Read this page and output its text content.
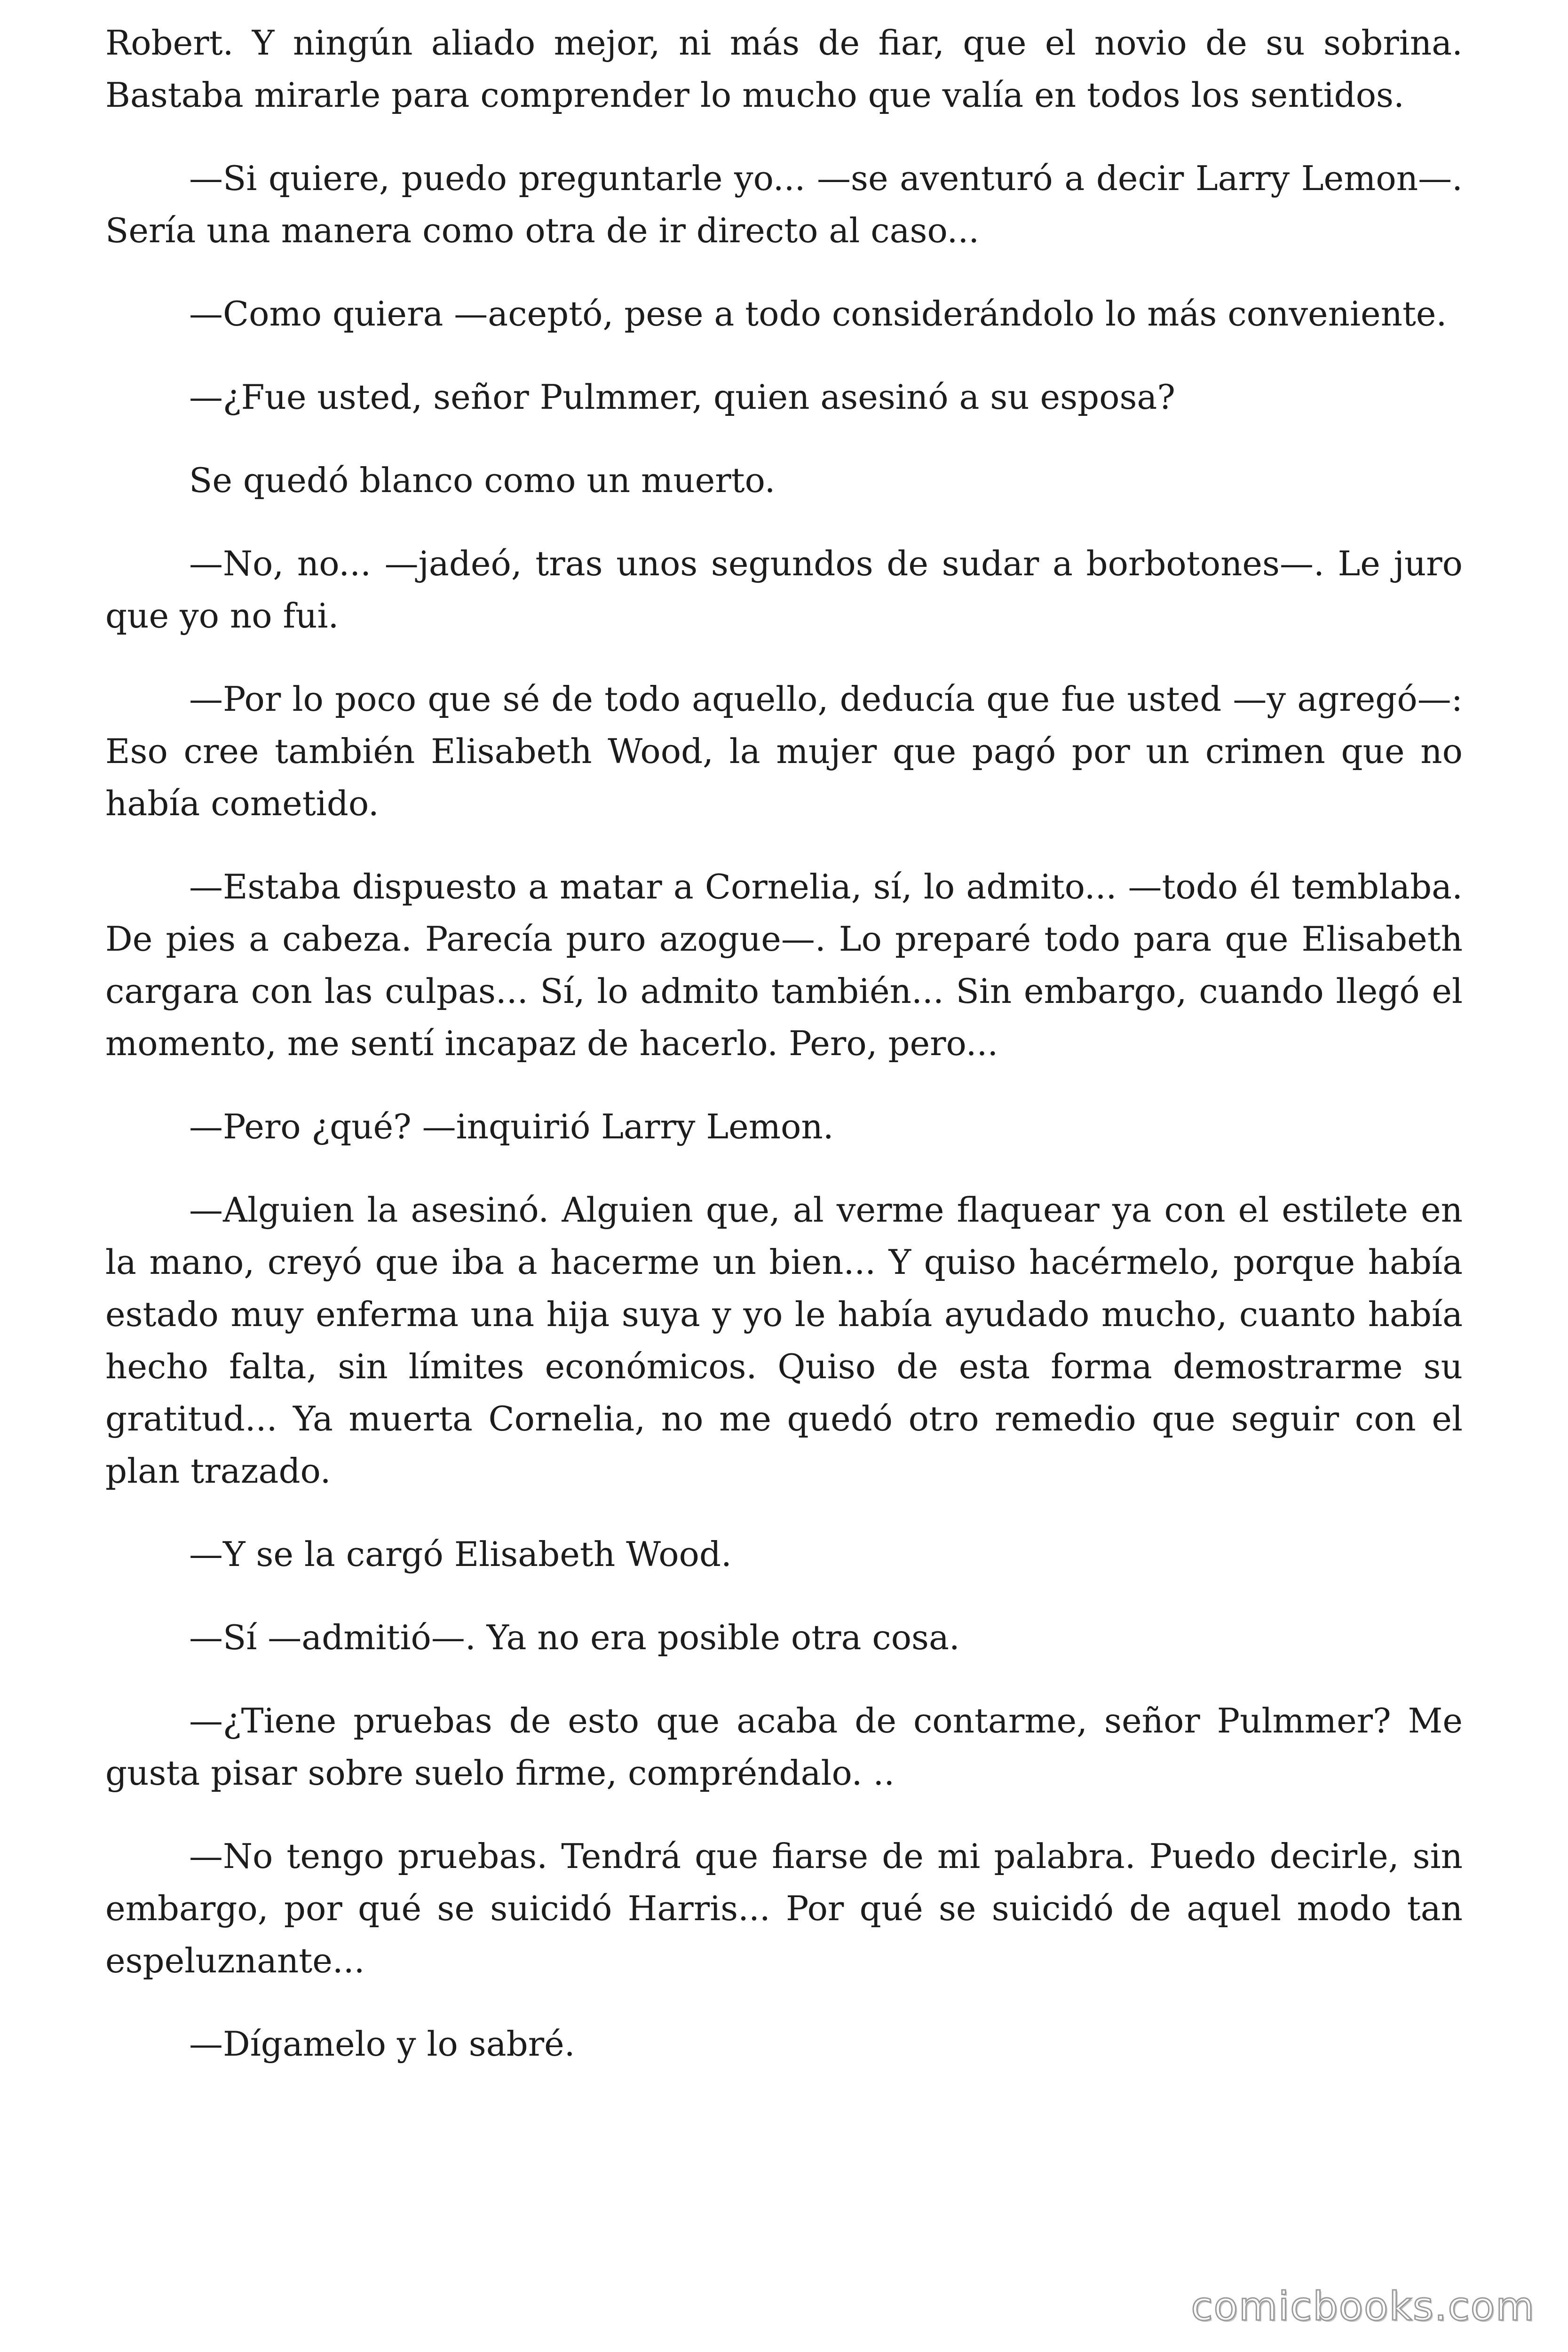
Robert. Y ningún aliado mejor, ni más de fiar, que el novio de su sobrina. Bastaba mirarle para comprender lo mucho que valía en todos los sentidos.

—Si quiere, puedo preguntarle yo... —se aventuró a decir Larry Lemon—. Sería una manera como otra de ir directo al caso...

—Como quiera —aceptó, pese a todo considerándolo lo más conveniente.

—¿Fue usted, señor Pulmmer, quien asesinó a su esposa?

Se quedó blanco como un muerto.

—No, no... —jadeó, tras unos segundos de sudar a borbotones—. Le juro que yo no fui.

—Por lo poco que sé de todo aquello, deducía que fue usted —y agregó—: Eso cree también Elisabeth Wood, la mujer que pagó por un crimen que no había cometido.

—Estaba dispuesto a matar a Cornelia, sí, lo admito... —todo él temblaba. De pies a cabeza. Parecía puro azogue—. Lo preparé todo para que Elisabeth cargara con las culpas... Sí, lo admito también... Sin embargo, cuando llegó el momento, me sentí incapaz de hacerlo. Pero, pero...

—Pero ¿qué? —inquirió Larry Lemon.

—Alguien la asesinó. Alguien que, al verme flaquear ya con el estilete en la mano, creyó que iba a hacerme un bien... Y quiso hacérmelo, porque había estado muy enferma una hija suya y yo le había ayudado mucho, cuanto había hecho falta, sin límites económicos. Quiso de esta forma demostrarme su gratitud... Ya muerta Cornelia, no me quedó otro remedio que seguir con el plan trazado.

—Y se la cargó Elisabeth Wood.

—Sí —admitió—. Ya no era posible otra cosa.

—¿Tiene pruebas de esto que acaba de contarme, señor Pulmmer? Me gusta pisar sobre suelo firme, compréndalo. ..

—No tengo pruebas. Tendrá que fiarse de mi palabra. Puedo decirle, sin embargo, por qué se suicidó Harris... Por qué se suicidó de aquel modo tan espeluznante...

—Dígamelo y lo sabré.

comicbooks.com
